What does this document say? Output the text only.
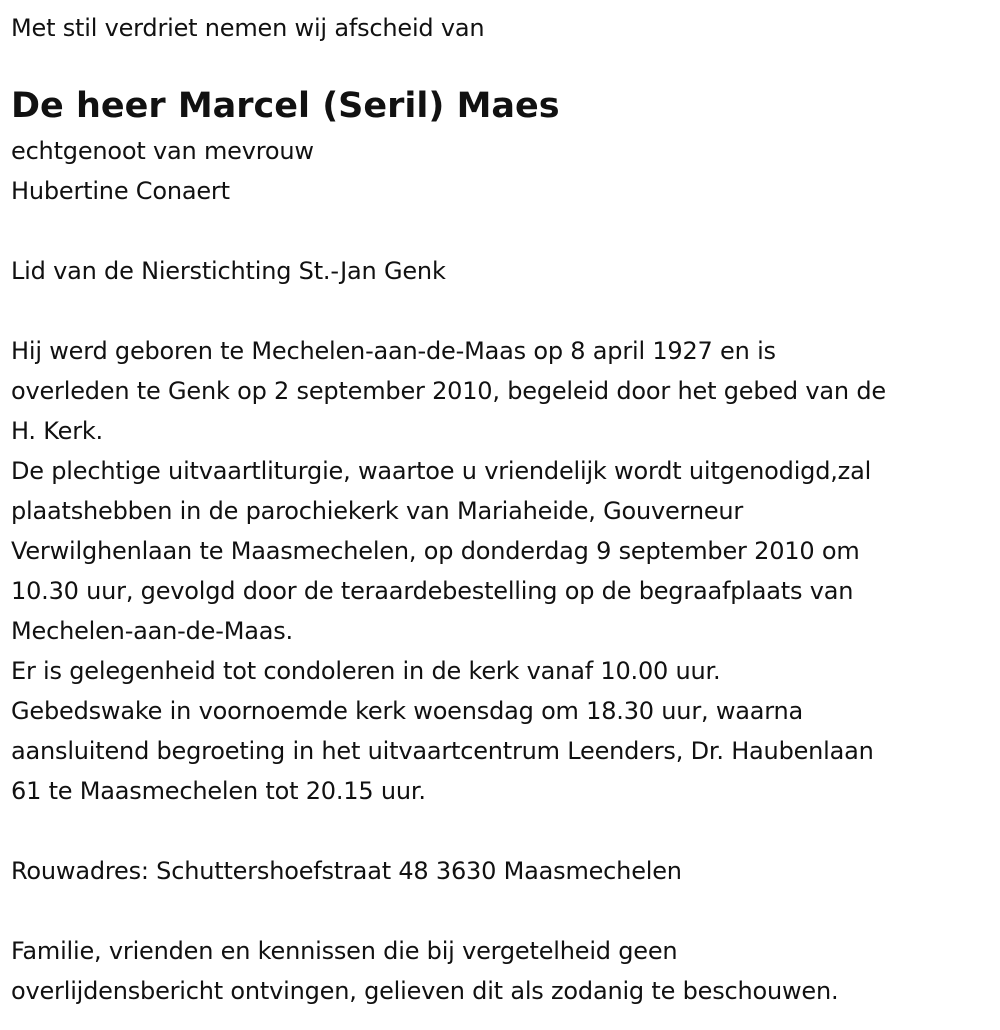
Met stil verdriet nemen wij afscheid van
De heer Marcel (Seril) Maes
echtgenoot van mevrouw
Hubertine Conaert
Lid van de Nierstichting St.-Jan Genk
Hij werd geboren te Mechelen-aan-de-Maas op 8 april 1927 en is
overleden te Genk op 2 september 2010, begeleid door het gebed van de
H. Kerk.
De plechtige uitvaartliturgie, waartoe u vriendelijk wordt uitgenodigd,zal
plaatshebben in de parochiekerk van Mariaheide, Gouverneur
Verwilghenlaan te Maasmechelen, op donderdag 9 september 2010 om
10.30 uur, gevolgd door de teraardebestelling op de begraafplaats van
Mechelen-aan-de-Maas.
Er is gelegenheid tot condoleren in de kerk vanaf 10.00 uur.
Gebedswake in voornoemde kerk woensdag om 18.30 uur, waarna
aansluitend begroeting in het uitvaartcentrum Leenders, Dr. Haubenlaan
61 te Maasmechelen tot 20.15 uur.
Rouwadres: Schuttershoefstraat 48 3630 Maasmechelen
Familie, vrienden en kennissen die bij vergetelheid geen
overlijdensbericht ontvingen, gelieven dit als zodanig te beschouwen.
